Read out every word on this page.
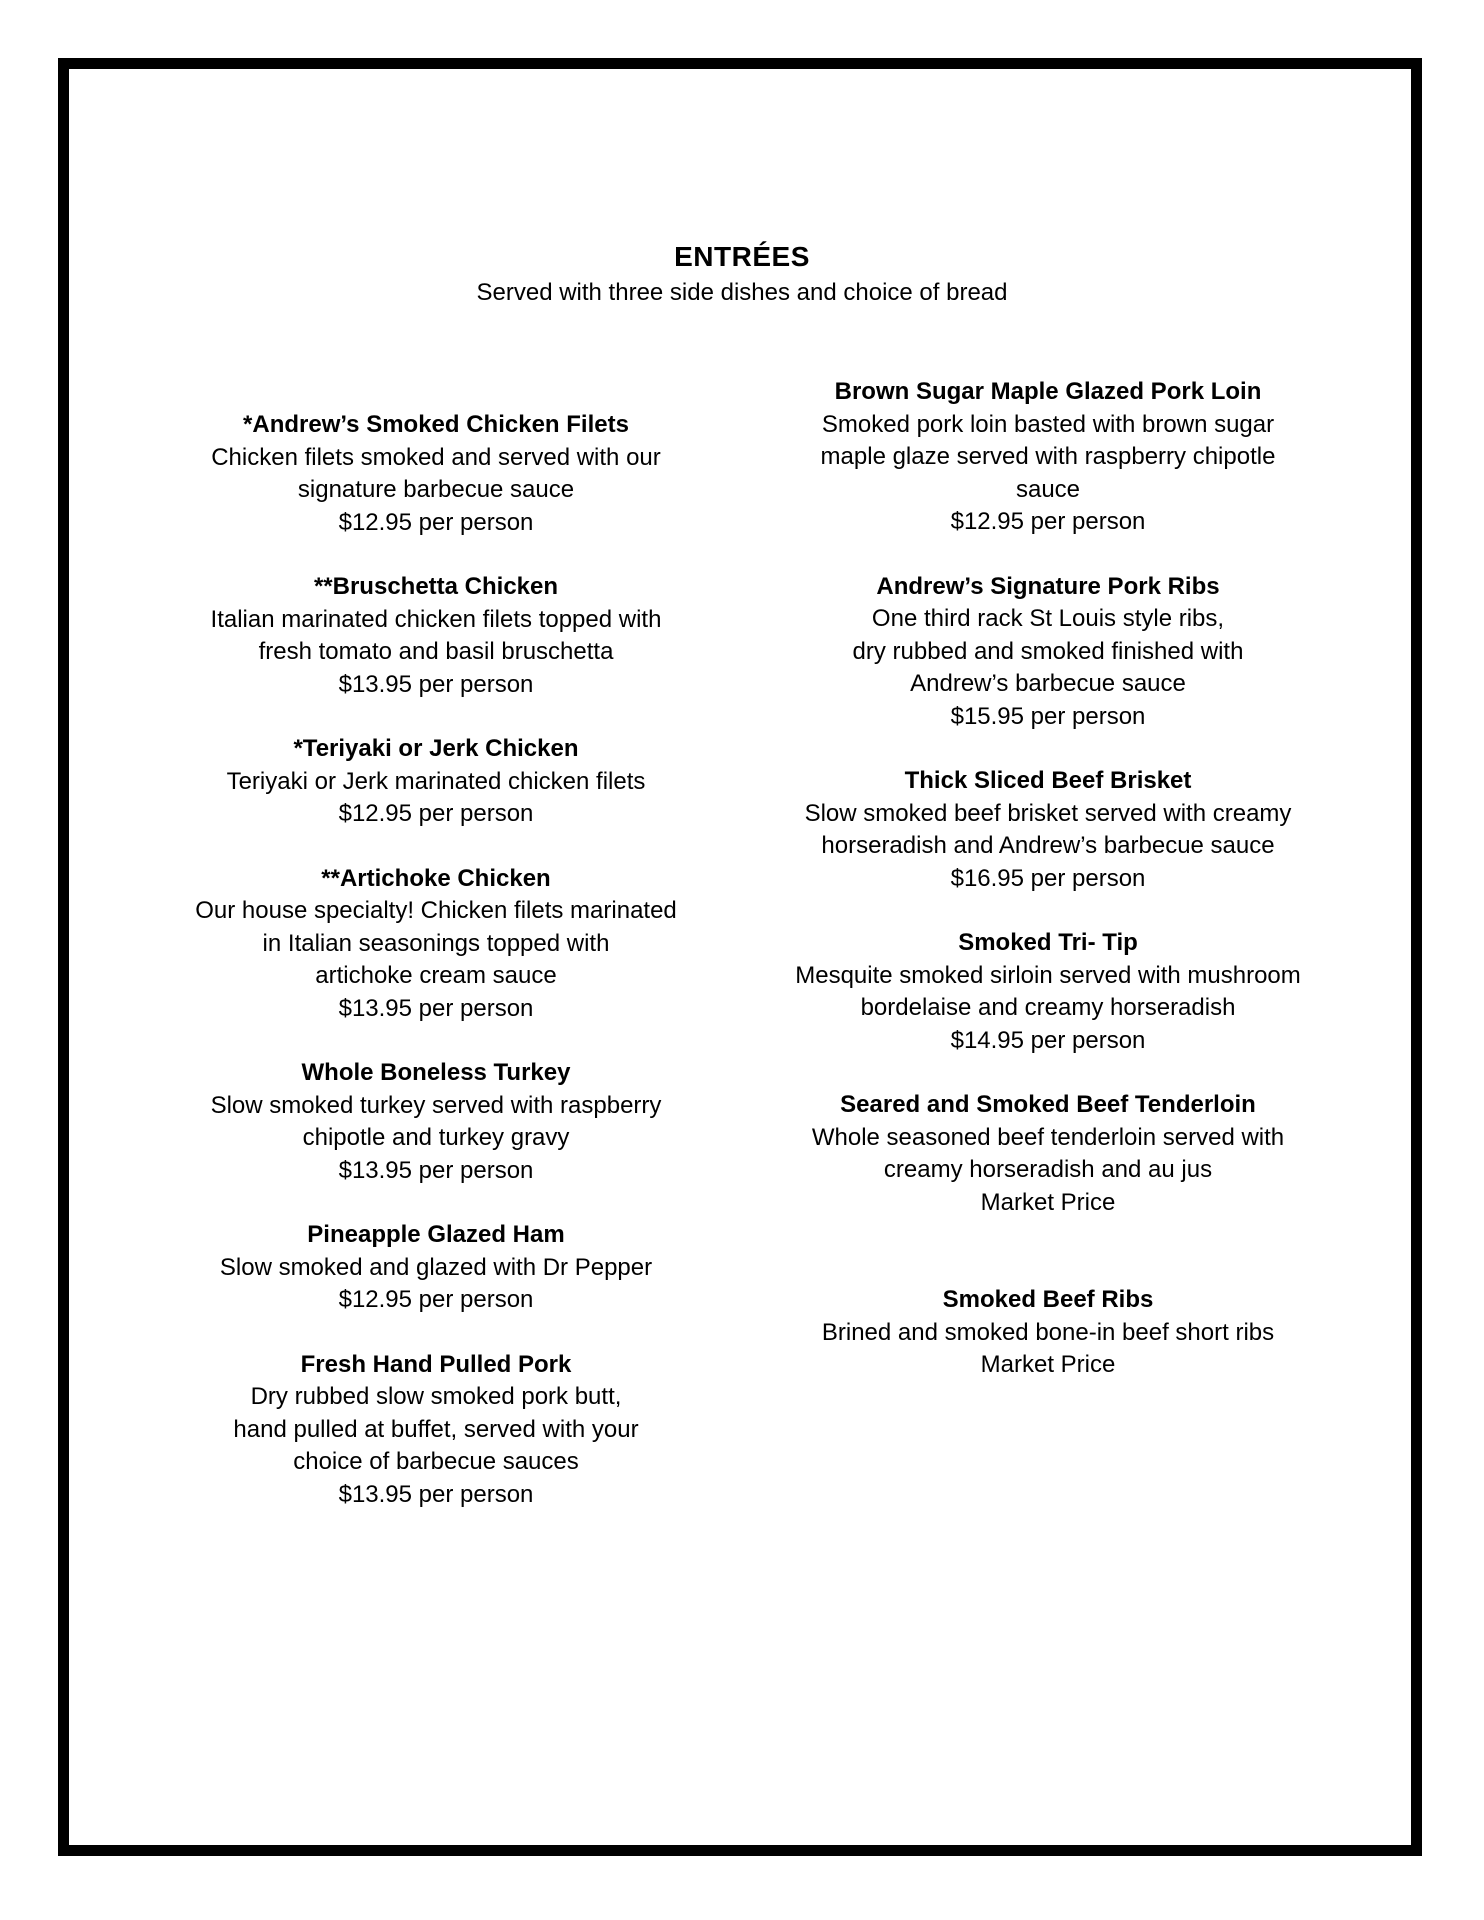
ENTRÉES
Served with three side dishes and choice of bread
*Andrew’s Smoked Chicken Filets
Chicken filets smoked and served with our
signature barbecue sauce
$12.95 per person
**Bruschetta Chicken
Italian marinated chicken filets topped with
fresh tomato and basil bruschetta
$13.95 per person
*Teriyaki or Jerk Chicken
Teriyaki or Jerk marinated chicken filets
$12.95 per person
**Artichoke Chicken
Our house specialty! Chicken filets marinated
in Italian seasonings topped with
artichoke cream sauce
$13.95 per person
Whole Boneless Turkey
Slow smoked turkey served with raspberry
chipotle and turkey gravy
$13.95 per person
Pineapple Glazed Ham
Slow smoked and glazed with Dr Pepper
$12.95 per person
Fresh Hand Pulled Pork
Dry rubbed slow smoked pork butt,
hand pulled at buffet, served with your
choice of barbecue sauces
$13.95 per person
Brown Sugar Maple Glazed Pork Loin
Smoked pork loin basted with brown sugar
maple glaze served with raspberry chipotle
sauce
$12.95 per person
Andrew’s Signature Pork Ribs
One third rack St Louis style ribs,
dry rubbed and smoked finished with
Andrew’s barbecue sauce
$15.95 per person
Thick Sliced Beef Brisket
Slow smoked beef brisket served with creamy
horseradish and Andrew’s barbecue sauce
$16.95 per person
Smoked Tri- Tip
Mesquite smoked sirloin served with mushroom
bordelaise and creamy horseradish
$14.95 per person
Seared and Smoked Beef Tenderloin
Whole seasoned beef tenderloin served with
creamy horseradish and au jus
Market Price
Smoked Beef Ribs
Brined and smoked bone-in beef short ribs
Market Price
